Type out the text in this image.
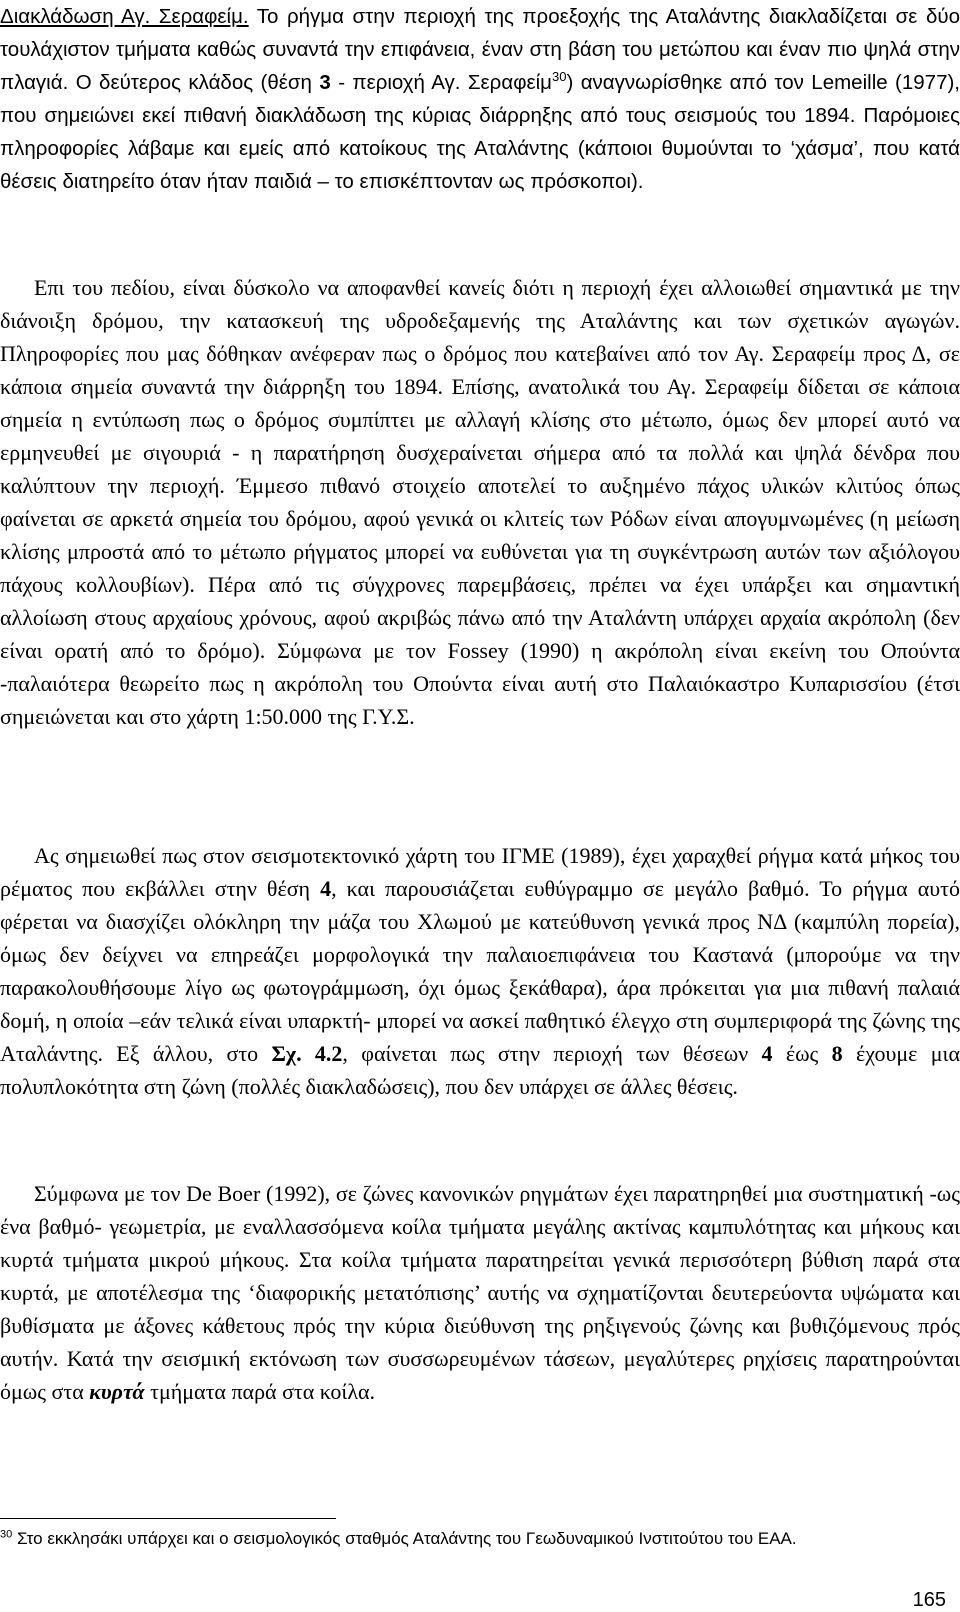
Διακλάδωση Αγ. Σεραφείμ. Το ρήγμα στην περιοχή της προεξοχής της Αταλάντης διακλαδίζεται σε δύο τουλάχιστον τμήματα καθώς συναντά την επιφάνεια, έναν στη βάση του μετώπου και έναν πιο ψηλά στην πλαγιά. Ο δεύτερος κλάδος (θέση 3 - περιοχή Αγ. Σεραφείμ$^{30}$) αναγνωρίσθηκε από τον Lemeille (1977), που σημειώνει εκεί πιθανή διακλάδωση της κύριας διάρρηξης από τους σεισμούς του 1894. Παρόμοιες πληροφορίες λάβαμε και εμείς από κατοίκους της Αταλάντης (κάποιοι θυμούνται το ‘χάσμα’, που κατά θέσεις διατηρείτο όταν ήταν παιδιά – το επισκέπτονταν ως πρόσκοποι).

Επι του πεδίου, είναι δύσκολο να αποφανθεί κανείς διότι η περιοχή έχει αλλοιωθεί σημαντικά με την διάνοιξη δρόμου, την κατασκευή της υδροδεξαμενής της Αταλάντης και των σχετικών αγωγών. Πληροφορίες που μας δόθηκαν ανέφεραν πως ο δρόμος που κατεβαίνει από τον Αγ. Σεραφείμ προς Δ, σε κάποια σημεία συναντά την διάρρηξη του 1894. Επίσης, ανατολικά του Αγ. Σεραφείμ δίδεται σε κάποια σημεία η εντύπωση πως ο δρόμος συμπίπτει με αλλαγή κλίσης στο μέτωπο, όμως δεν μπορεί αυτό να ερμηνευθεί με σιγουριά - η παρατήρηση δυσχεραίνεται σήμερα από τα πολλά και ψηλά δένδρα που καλύπτουν την περιοχή. Έμμεσο πιθανό στοιχείο αποτελεί το αυξημένο πάχος υλικών κλιτύος όπως φαίνεται σε αρκετά σημεία του δρόμου, αφού γενικά οι κλιτείς των Ρόδων είναι απογυμνωμένες (η μείωση κλίσης μπροστά από το μέτωπο ρήγματος μπορεί να ευθύνεται για τη συγκέντρωση αυτών των αξιόλογου πάχους κολλουβίων). Πέρα από τις σύγχρονες παρεμβάσεις, πρέπει να έχει υπάρξει και σημαντική αλλοίωση στους αρχαίους χρόνους, αφού ακριβώς πάνω από την Αταλάντη υπάρχει αρχαία ακρόπολη (δεν είναι ορατή από το δρόμο). Σύμφωνα με τον Fossey (1990) η ακρόπολη είναι εκείνη του Οπούντα -παλαιότερα θεωρείτο πως η ακρόπολη του Οπούντα είναι αυτή στο Παλαιόκαστρο Κυπαρισσίου (έτσι σημειώνεται και στο χάρτη 1:50.000 της Γ.Υ.Σ.

Ας σημειωθεί πως στον σεισμοτεκτονικό χάρτη του ΙΓΜΕ (1989), έχει χαραχθεί ρήγμα κατά μήκος του ρέματος που εκβάλλει στην θέση 4, και παρουσιάζεται ευθύγραμμο σε μεγάλο βαθμό. Το ρήγμα αυτό φέρεται να διασχίζει ολόκληρη την μάζα του Χλωμού με κατεύθυνση γενικά προς ΝΔ (καμπύλη πορεία), όμως δεν δείχνει να επηρεάζει μορφολογικά την παλαιοεπιφάνεια του Καστανά (μπορούμε να την παρακολουθήσουμε λίγο ως φωτογράμμωση, όχι όμως ξεκάθαρα), άρα πρόκειται για μια πιθανή παλαιά δομή, η οποία –εάν τελικά είναι υπαρκτή- μπορεί να ασκεί παθητικό έλεγχο στη συμπεριφορά της ζώνης της Αταλάντης. Εξ άλλου, στο Σχ. 4.2, φαίνεται πως στην περιοχή των θέσεων 4 έως 8 έχουμε μια πολυπλοκότητα στη ζώνη (πολλές διακλαδώσεις), που δεν υπάρχει σε άλλες θέσεις.

Σύμφωνα με τον De Boer (1992), σε ζώνες κανονικών ρηγμάτων έχει παρατηρηθεί μια συστηματική -ως ένα βαθμό- γεωμετρία, με εναλλασσόμενα κοίλα τμήματα μεγάλης ακτίνας καμπυλότητας και μήκους και κυρτά τμήματα μικρού μήκους. Στα κοίλα τμήματα παρατηρείται γενικά περισσότερη βύθιση παρά στα κυρτά, με αποτέλεσμα της ‘διαφορικής μετατόπισης’ αυτής να σχηματίζονται δευτερεύοντα υψώματα και βυθίσματα με άξονες κάθετους πρός την κύρια διεύθυνση της ρηξιγενούς ζώνης και βυθιζόμενους πρός αυτήν. Κατά την σεισμική εκτόνωση των συσσωρευμένων τάσεων, μεγαλύτερες ρηχίσεις παρατηρούνται όμως στα κυρτά τμήματα παρά στα κοίλα.

$^{30}$ Στο εκκλησάκι υπάρχει και ο σεισμολογικός σταθμός Αταλάντης του Γεωδυναμικού Ινστιτούτου του ΕΑΑ.

165
